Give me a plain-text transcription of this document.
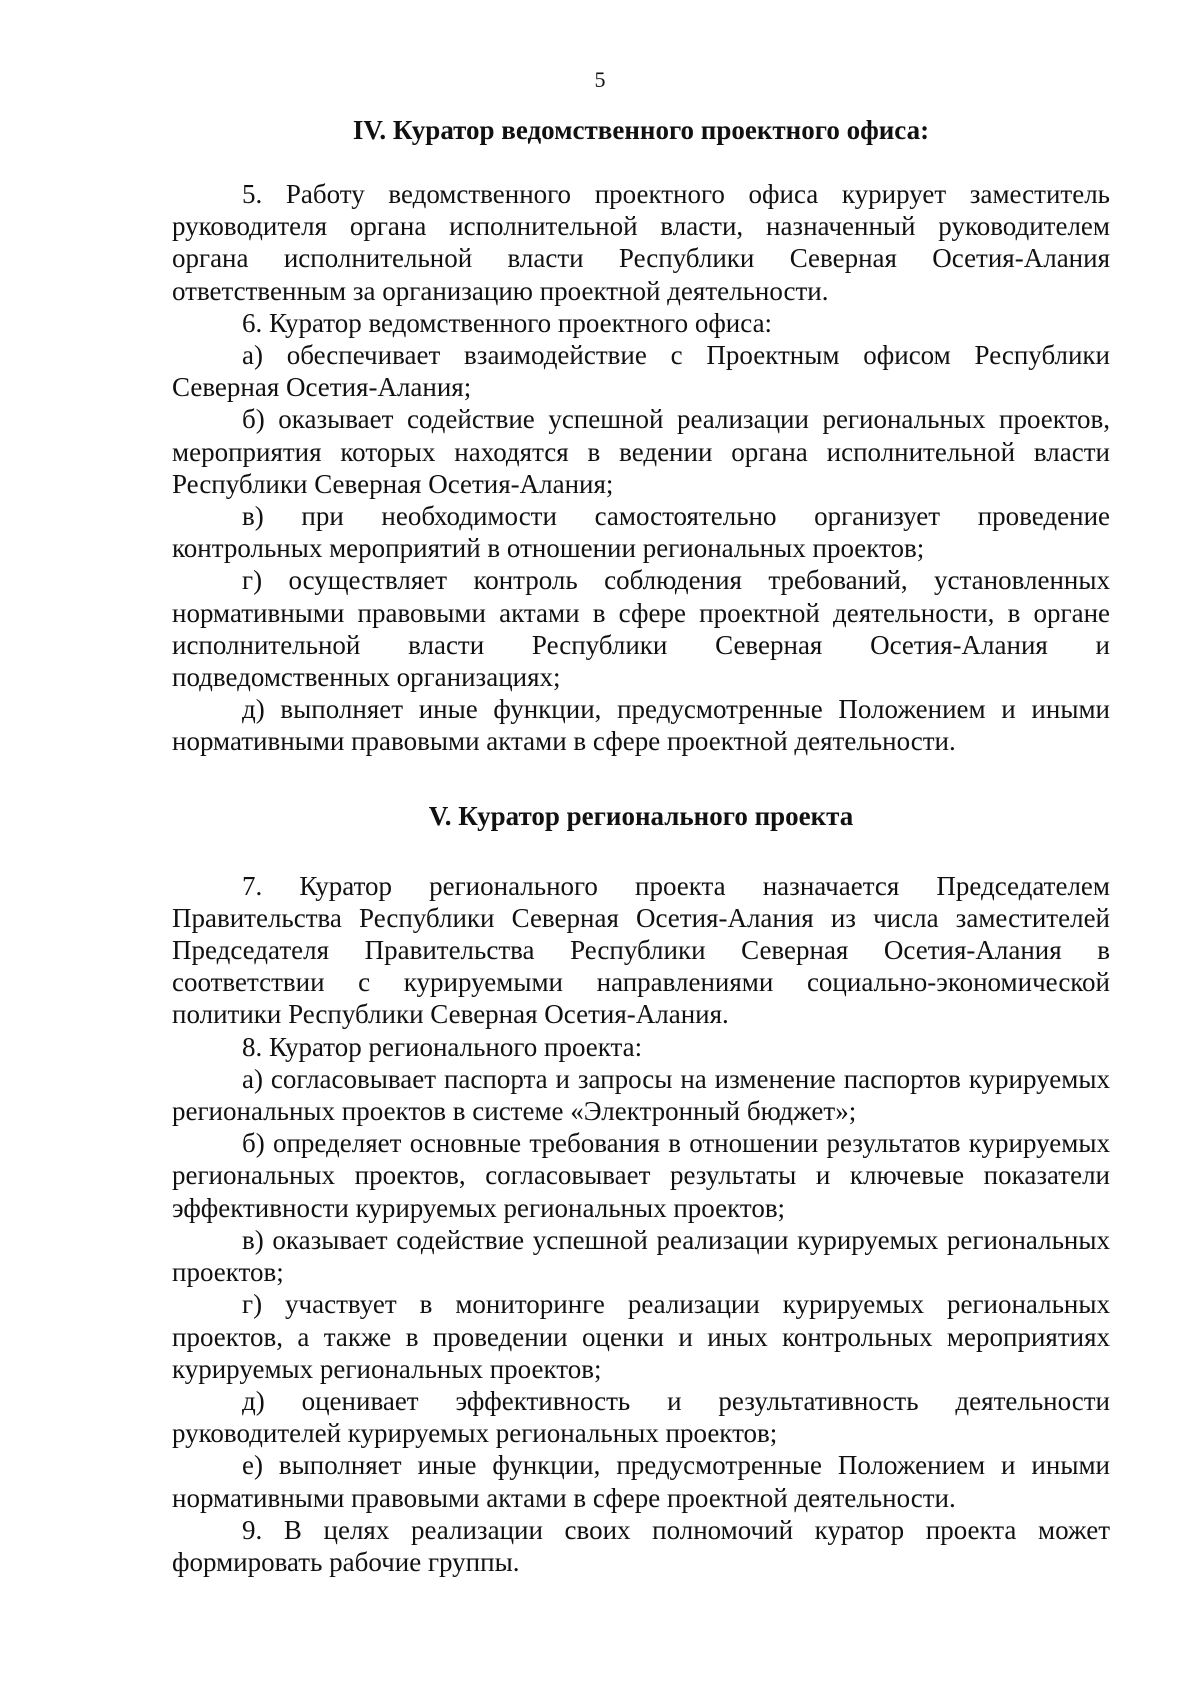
5
IV. Куратор ведомственного проектного офиса:

5. Работу ведомственного проектного офиса курирует заместитель руководителя органа исполнительной власти, назначенный руководителем органа исполнительной власти Республики Северная Осетия-Алания ответственным за организацию проектной деятельности.

6. Куратор ведомственного проектного офиса:

а) обеспечивает взаимодействие с Проектным офисом Республики Северная Осетия-Алания;

б) оказывает содействие успешной реализации региональных проектов, мероприятия которых находятся в ведении органа исполнительной власти Республики Северная Осетия-Алания;

в) при необходимости самостоятельно организует проведение контрольных мероприятий в отношении региональных проектов;

г) осуществляет контроль соблюдения требований, установленных нормативными правовыми актами в сфере проектной деятельности, в органе исполнительной власти Республики Северная Осетия-Алания и подведомственных организациях;

д) выполняет иные функции, предусмотренные Положением и иными нормативными правовыми актами в сфере проектной деятельности.

V. Куратор регионального проекта

7. Куратор регионального проекта назначается Председателем Правительства Республики Северная Осетия-Алания из числа заместителей Председателя Правительства Республики Северная Осетия-Алания в соответствии с курируемыми направлениями социально-экономической политики Республики Северная Осетия-Алания.

8. Куратор регионального проекта:

а) согласовывает паспорта и запросы на изменение паспортов курируемых региональных проектов в системе «Электронный бюджет»;

б) определяет основные требования в отношении результатов курируемых региональных проектов, согласовывает результаты и ключевые показатели эффективности курируемых региональных проектов;

в) оказывает содействие успешной реализации курируемых региональных проектов;

г) участвует в мониторинге реализации курируемых региональных проектов, а также в проведении оценки и иных контрольных мероприятиях курируемых региональных проектов;

д) оценивает эффективность и результативность деятельности руководителей курируемых региональных проектов;

е) выполняет иные функции, предусмотренные Положением и иными нормативными правовыми актами в сфере проектной деятельности.

9. В целях реализации своих полномочий куратор проекта может формировать рабочие группы.
